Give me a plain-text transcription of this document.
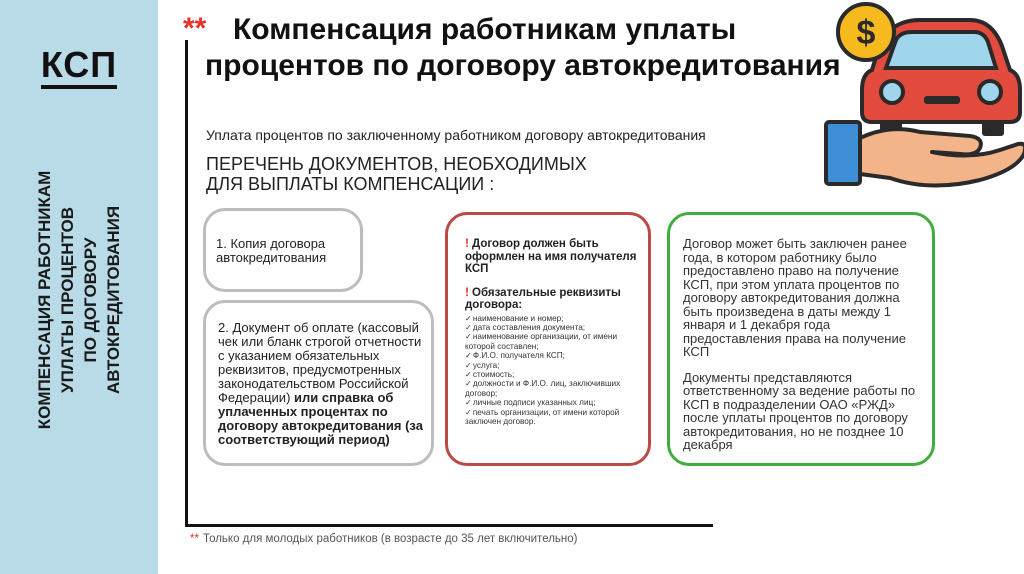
КСП
КОМПЕНСАЦИЯ РАБОТНИКАМ
УПЛАТЫ ПРОЦЕНТОВ
ПО ДОГОВОРУ
АВТОКРЕДИТОВАНИЯ
** Компенсация работникам уплаты процентов по договору автокредитования
Уплата процентов по заключенному работником договору автокредитования
ПЕРЕЧЕНЬ ДОКУМЕНТОВ, НЕОБХОДИМЫХ
ДЛЯ ВЫПЛАТЫ КОМПЕНСАЦИИ :
1. Копия договора автокредитования
2. Документ об оплате (кассовый чек или бланк строгой отчетности с указанием обязательных реквизитов, предусмотренных законодательством Российской Федерации) или справка об уплаченных процентах по договору автокредитования (за соответствующий период)
! Договор должен быть оформлен на имя получателя КСП
! Обязательные реквизиты договора:
✓ наименование и номер;
✓ дата составления документа;
✓ наименование организации, от имени которой составлен;
✓ Ф.И.О. получателя КСП;
✓ услуга;
✓ стоимость;
✓ должности и Ф.И.О. лиц, заключивших договор;
✓ личные подписи указанных лиц;
✓ печать организации, от имени которой заключен договор.

Договор может быть заключен ранее года, в котором работнику было предоставлено право на получение КСП, при этом уплата процентов по договору автокредитования должна быть произведена в даты между 1 января и 1 декабря года предоставления права на получение КСП

Документы представляются ответственному за ведение работы по КСП в подразделении ОАО «РЖД» после уплаты процентов по договору автокредитования, но не позднее 10 декабря

** Только для молодых работников (в возрасте до 35 лет включительно)
$
